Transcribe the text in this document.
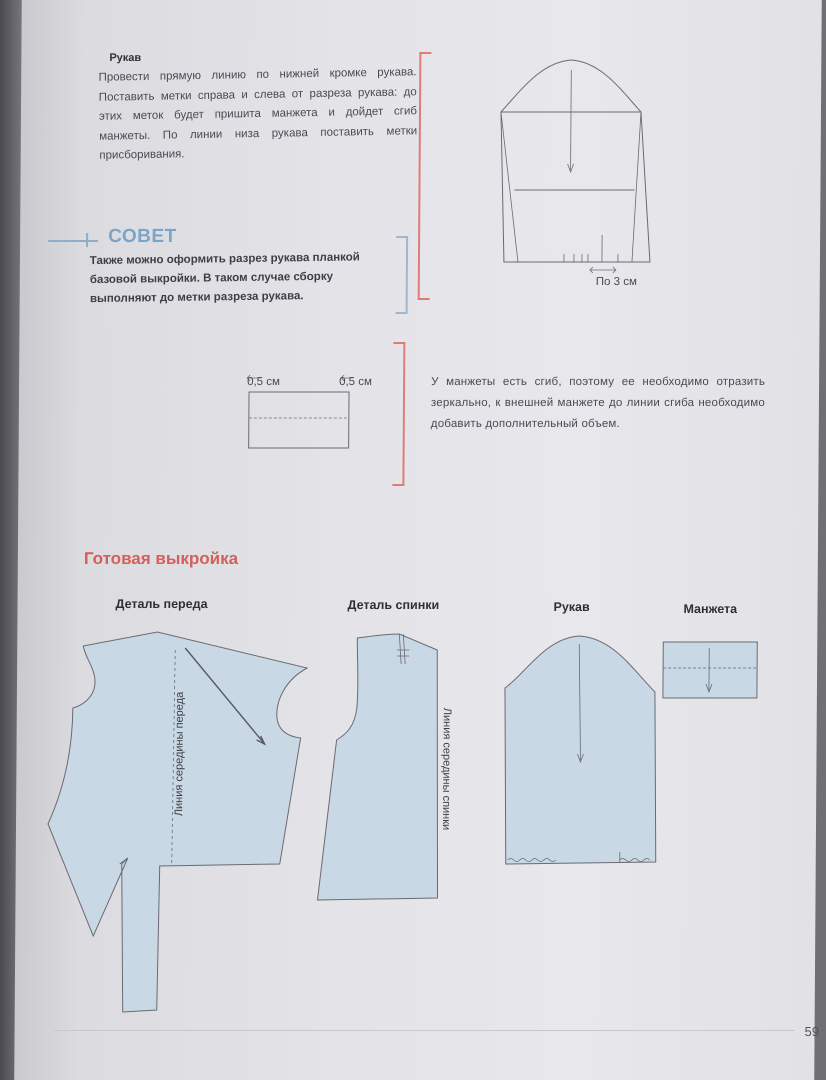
Рукав
Провести прямую линию по нижней кромке рукава. Поставить метки справа и слева от разреза рукава: до этих меток будет пришита манжета и дойдет сгиб манжеты. По линии низа рукава поставить метки присборивания.
По 3 см
СОВЕТ
Также можно оформить разрез рукава планкой базовой выкройки. В таком случае сборку выполняют до метки разреза рукава.
0,5 см	0,5 см	У манжеты есть сгиб, поэтому ее необходимо отразить зеркально, к внешней манжете до линии сгиба необходимо добавить дополнительный объем.
Готовая выкройка
Деталь переда	Деталь спинки	Рукав	Манжета
Линия середины переда	Линия середины спинки
59
